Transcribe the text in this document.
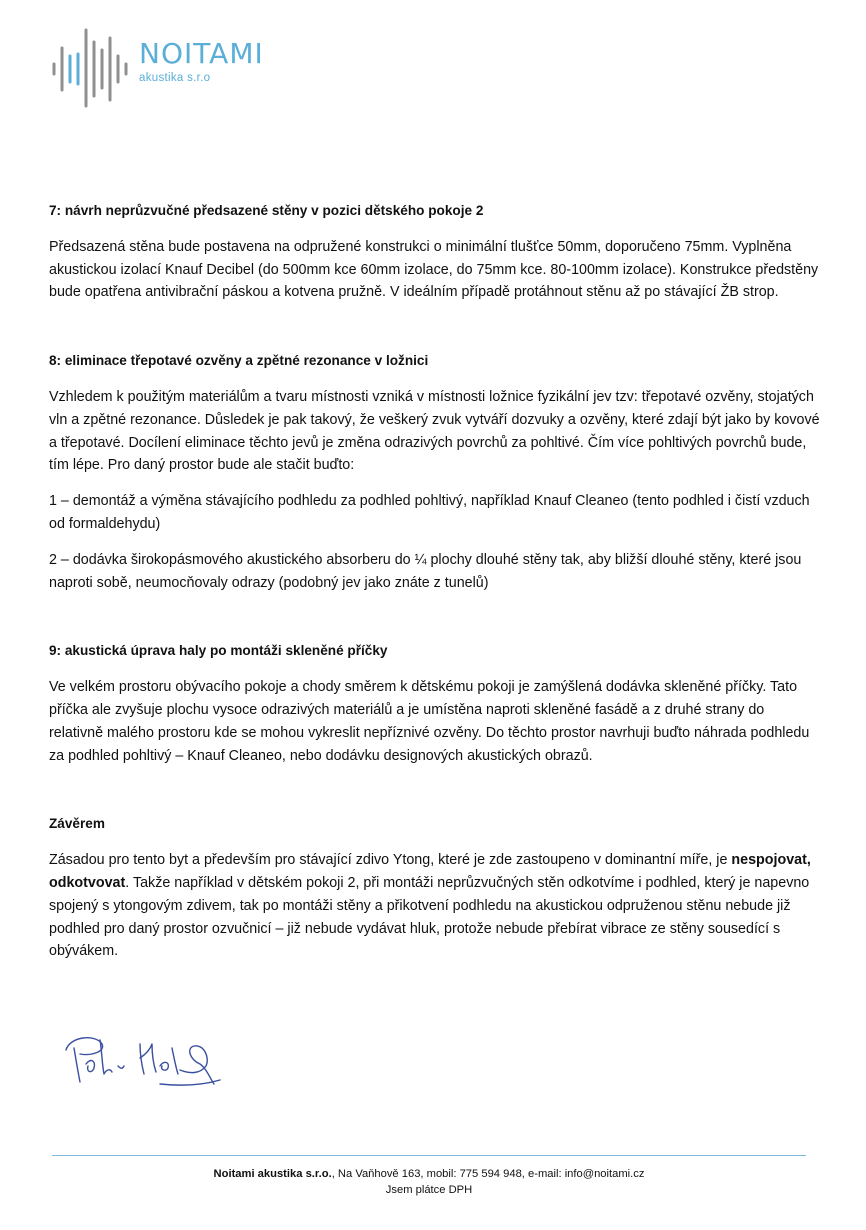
NOITAMI
akustika s.r.o
7: návrh neprůzvučné předsazené stěny v pozici dětského pokoje 2

Předsazená stěna bude postavena na odpružené konstrukci o minimální tlušťce 50mm, doporučeno 75mm. Vyplněna akustickou izolací Knauf Decibel (do 500mm kce 60mm izolace, do 75mm kce. 80-100mm izolace). Konstrukce předstěny bude opatřena antivibrační páskou a kotvena pružně. V ideálním případě protáhnout stěnu až po stávající ŽB strop.

8: eliminace třepotavé ozvěny a zpětné rezonance v ložnici

Vzhledem k použitým materiálům a tvaru místnosti vzniká v místnosti ložnice fyzikální jev tzv: třepotavé ozvěny, stojatých vln a zpětné rezonance. Důsledek je pak takový, že veškerý zvuk vytváří dozvuky a ozvěny, které zdají být jako by kovové a třepotavé. Docílení eliminace těchto jevů je změna odrazivých povrchů za pohltivé. Čím více pohltivých povrchů bude, tím lépe. Pro daný prostor bude ale stačit buďto:

1 – demontáž a výměna stávajícího podhledu za podhled pohltivý, například Knauf Cleaneo (tento podhled i čistí vzduch od formaldehydu)

2 – dodávka širokopásmového akustického absorberu do ¼ plochy dlouhé stěny tak, aby bližší dlouhé stěny, které jsou naproti sobě, neumocňovaly odrazy (podobný jev jako znáte z tunelů)

9: akustická úprava haly po montáži skleněné příčky

Ve velkém prostoru obývacího pokoje a chody směrem k dětskému pokoji je zamýšlená dodávka skleněné příčky. Tato příčka ale zvyšuje plochu vysoce odrazivých materiálů a je umístěna naproti skleněné fasádě a z druhé strany do relativně malého prostoru kde se mohou vykreslit nepříznivé ozvěny. Do těchto prostor navrhuji buďto náhrada podhledu za podhled pohltivý – Knauf Cleaneo, nebo dodávku designových akustických obrazů.

Závěrem

Zásadou pro tento byt a především pro stávající zdivo Ytong, které je zde zastoupeno v dominantní míře, je nespojovat, odkotvovat. Takže například v dětském pokoji 2, při montáži neprůzvučných stěn odkotvíme i podhled, který je napevno spojený s ytongovým zdivem, tak po montáži stěny a přikotvení podhledu na akustickou odpruženou stěnu nebude již podhled pro daný prostor ozvučnicí – již nebude vydávat hluk, protože nebude přebírat vibrace ze stěny sousedící s obývákem.

Noitami akustika s.r.o., Na Vaňhově 163, mobil: 775 594 948, e-mail: info@noitami.cz
Jsem plátce DPH
